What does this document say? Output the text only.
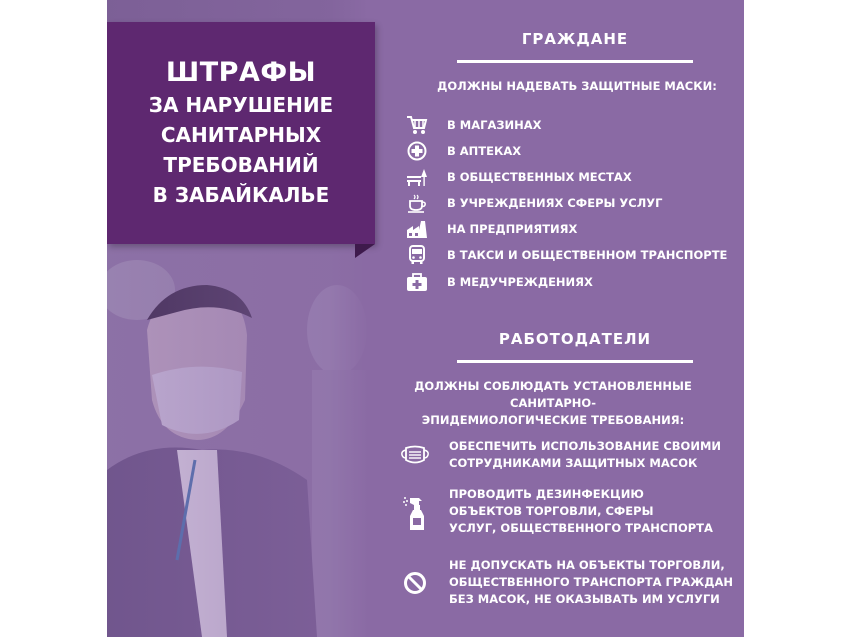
ШТРАФЫ
ЗА НАРУШЕНИЕ
САНИТАРНЫХ
ТРЕБОВАНИЙ
В ЗАБАЙКАЛЬЕ
ГРАЖДАНЕ
ДОЛЖНЫ НАДЕВАТЬ ЗАЩИТНЫЕ МАСКИ:
В МАГАЗИНАХ
В АПТЕКАХ
В ОБЩЕСТВЕННЫХ МЕСТАХ
В УЧРЕЖДЕНИЯХ СФЕРЫ УСЛУГ
НА ПРЕДПРИЯТИЯХ
В ТАКСИ И ОБЩЕСТВЕННОМ ТРАНСПОРТЕ
В МЕДУЧРЕЖДЕНИЯХ
РАБОТОДАТЕЛИ
ДОЛЖНЫ СОБЛЮДАТЬ УСТАНОВЛЕННЫЕ САНИТАРНО-
ЭПИДЕМИОЛОГИЧЕСКИЕ ТРЕБОВАНИЯ:
ОБЕСПЕЧИТЬ ИСПОЛЬЗОВАНИЕ СВОИМИ
СОТРУДНИКАМИ ЗАЩИТНЫХ МАСОК
ПРОВОДИТЬ ДЕЗИНФЕКЦИЮ
ОБЪЕКТОВ ТОРГОВЛИ, СФЕРЫ
УСЛУГ, ОБЩЕСТВЕННОГО ТРАНСПОРТА
НЕ ДОПУСКАТЬ НА ОБЪЕКТЫ ТОРГОВЛИ,
ОБЩЕСТВЕННОГО ТРАНСПОРТА ГРАЖДАН
БЕЗ МАСОК, НЕ ОКАЗЫВАТЬ ИМ УСЛУГИ
